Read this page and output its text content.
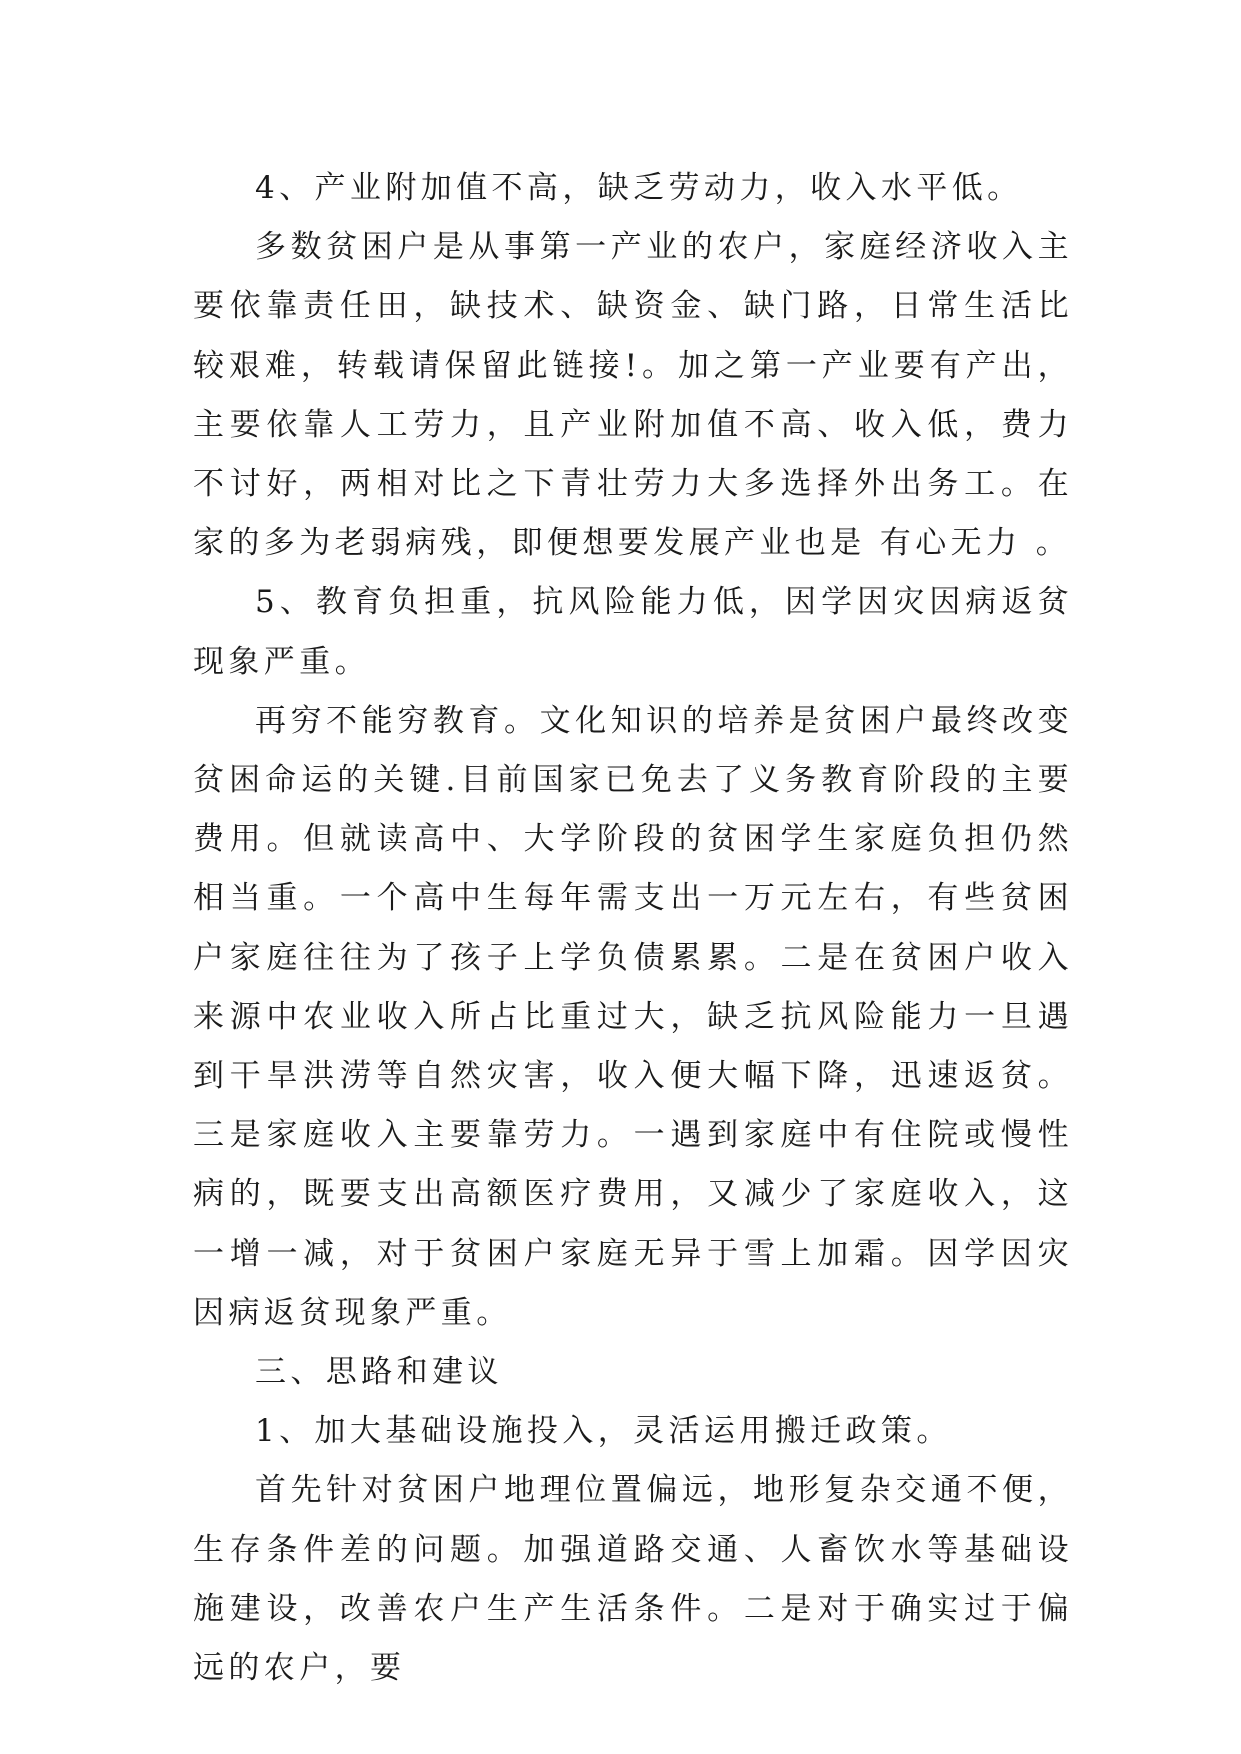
4、产业附加值不高，缺乏劳动力，收入水平低。

多数贫困户是从事第一产业的农户，家庭经济收入主要依靠责任田，缺技术、缺资金、缺门路，日常生活比较艰难，转载请保留此链接!。加之第一产业要有产出，主要依靠人工劳力，且产业附加值不高、收入低，费力不讨好，两相对比之下青壮劳力大多选择外出务工。在家的多为老弱病残，即便想要发展产业也是 有心无力 。

5、教育负担重，抗风险能力低，因学因灾因病返贫现象严重。

再穷不能穷教育。文化知识的培养是贫困户最终改变贫困命运的关键.目前国家已免去了义务教育阶段的主要费用。但就读高中、大学阶段的贫困学生家庭负担仍然相当重。一个高中生每年需支出一万元左右，有些贫困户家庭往往为了孩子上学负债累累。二是在贫困户收入来源中农业收入所占比重过大，缺乏抗风险能力一旦遇到干旱洪涝等自然灾害，收入便大幅下降，迅速返贫。三是家庭收入主要靠劳力。一遇到家庭中有住院或慢性病的，既要支出高额医疗费用，又减少了家庭收入，这一增一减，对于贫困户家庭无异于雪上加霜。因学因灾因病返贫现象严重。

三、思路和建议

1、加大基础设施投入，灵活运用搬迁政策。

首先针对贫困户地理位置偏远，地形复杂交通不便，生存条件差的问题。加强道路交通、人畜饮水等基础设施建设，改善农户生产生活条件。二是对于确实过于偏远的农户，要
